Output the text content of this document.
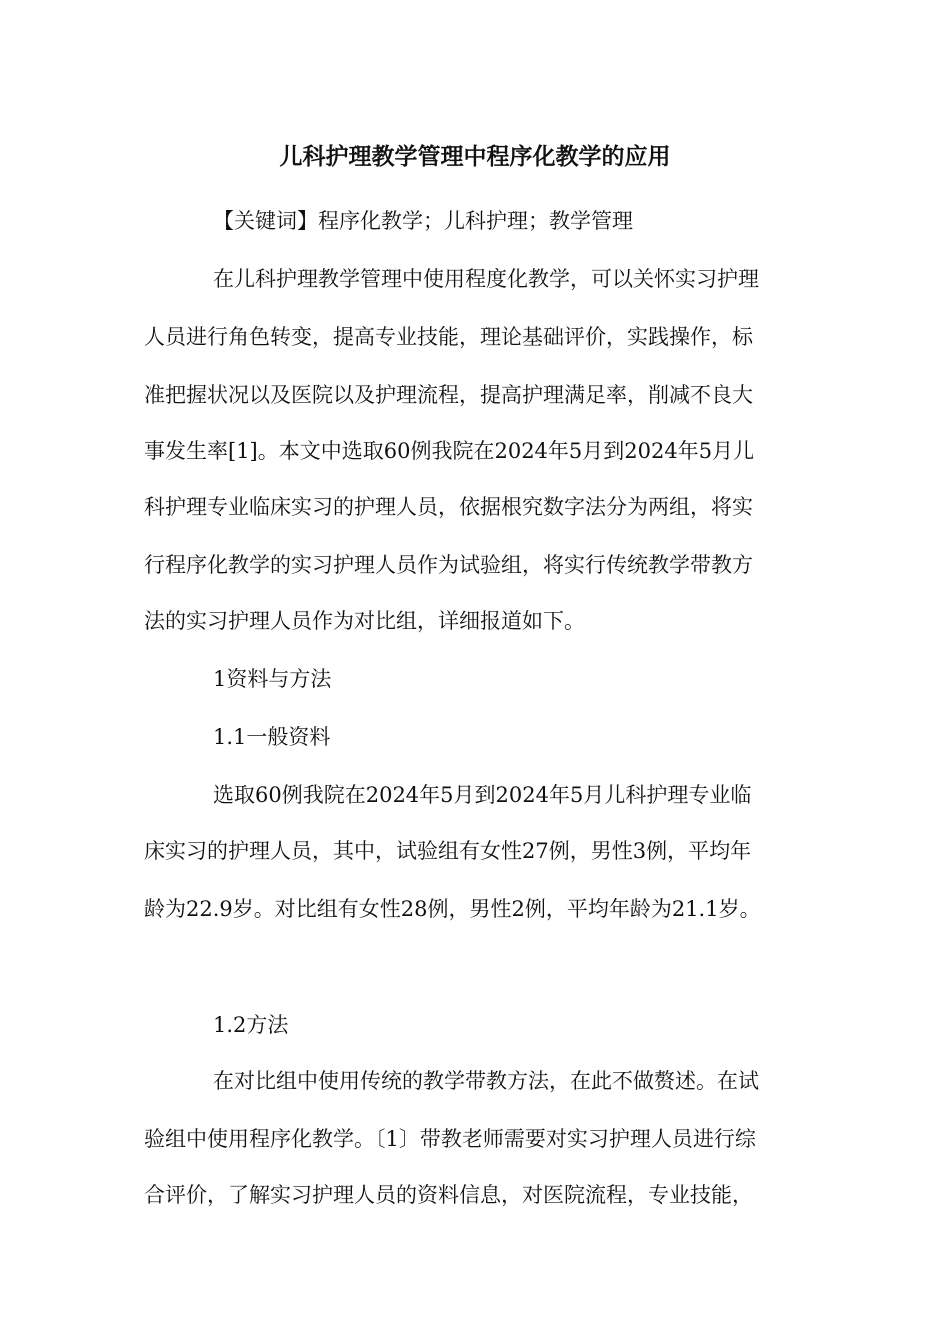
儿科护理教学管理中程序化教学的应用
【关键词】程序化教学；儿科护理；教学管理
在儿科护理教学管理中使用程度化教学，可以关怀实习护理
人员进行角色转变，提高专业技能，理论基础评价，实践操作，标
准把握状况以及医院以及护理流程，提高护理满足率，削减不良大
事发生率[1]。本文中选取60例我院在2024年5月到2024年5月儿
科护理专业临床实习的护理人员，依据根究数字法分为两组，将实
行程序化教学的实习护理人员作为试验组，将实行传统教学带教方
法的实习护理人员作为对比组，详细报道如下。
1资料与方法
1.1一般资料
选取60例我院在2024年5月到2024年5月儿科护理专业临
床实习的护理人员，其中，试验组有女性27例，男性3例，平均年
龄为22.9岁。对比组有女性28例，男性2例，平均年龄为21.1岁。
1.2方法
在对比组中使用传统的教学带教方法，在此不做赘述。在试
验组中使用程序化教学。〔1〕带教老师需要对实习护理人员进行综
合评价，了解实习护理人员的资料信息，对医院流程，专业技能，
